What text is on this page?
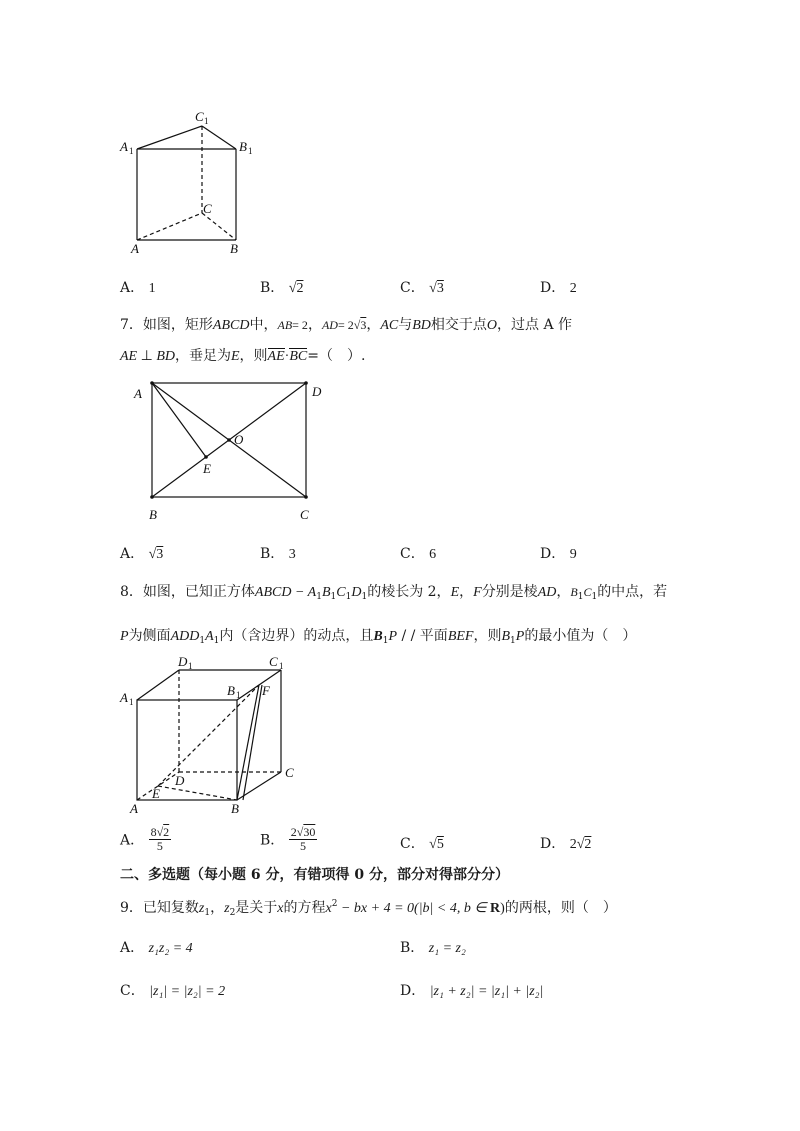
C 1
A 1	B 1
C
A	B
A． 1	B． √2	C． √3	D． 2
7．如图，矩形ABCD中，AB= 2，AD= 2√3，AC与BD相交于点O，过点 A 作
AE ⊥ BD，垂足为E，则AE·BC=（　）.
A	D
O
E
B	C
A． √3	B． 3	C． 6	D． 9
8．如图，已知正方体ABCD − $A_1B_1C_1D_1$的棱长为 2，E，F分别是棱AD，$B_1C_1$的中点，若
P为侧面$ADD_1A_1$内（含边界）的动点，且$B_1P$ / / 平面BEF，则$B_1P$的最小值为（　）
D 1	C 1
A 1
B 1 F
D
E
C
A	B
A． $\frac{8√2}{5}$	B． $\frac{2√30}{5}$	C． √5	D． 2√2
二、多选题（每小题 6 分，有错项得 0 分，部分对得部分分）
9．已知复数$z_1$，$z_2$是关于x的方程$x^2$ − bx + 4 = 0(|b| < 4, b ∈ R)的两根，则（　）
A． z₁z₂ = 4	B． z₁ = z₂
C． |z₁| = |z₂| = 2	D． |z₁ + z₂| = |z₁| + |z₂|
